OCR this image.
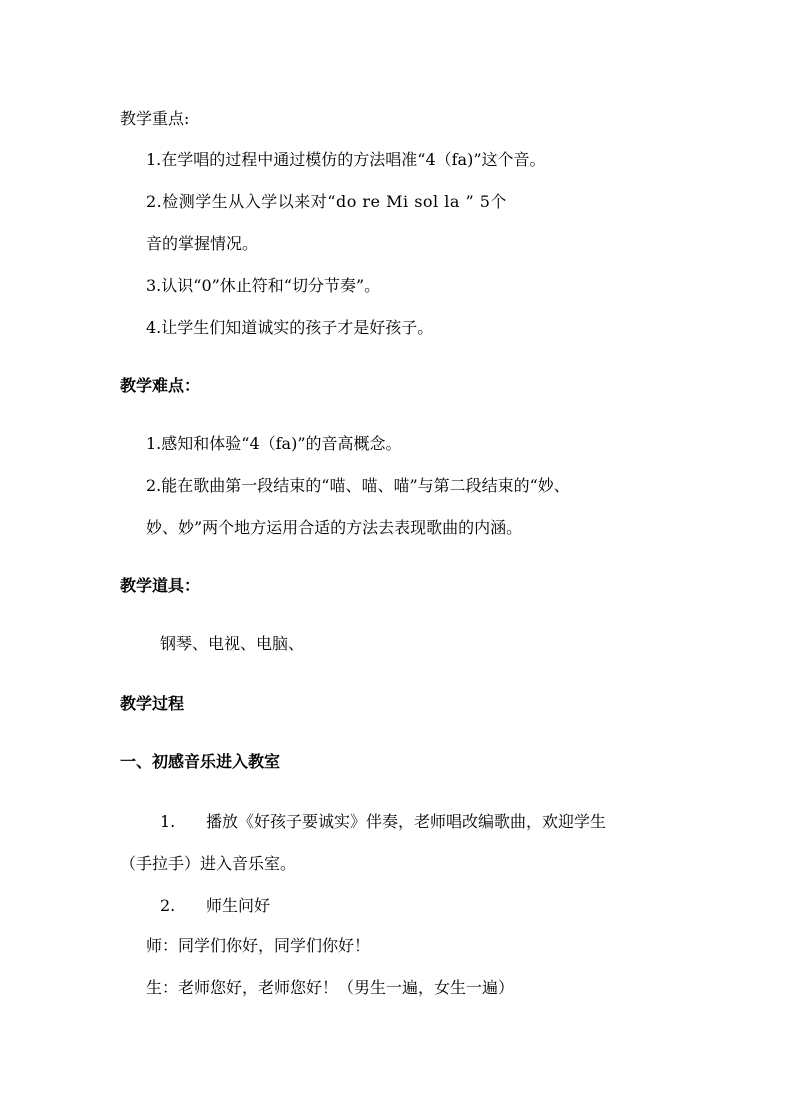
教学重点:

1.在学唱的过程中通过模仿的方法唱准“4（fa)”这个音。

2.检测学生从入学以来对“do re Mi sol la ” 5个

音的掌握情况。

3.认识“0”休止符和“切分节奏”。

4.让学生们知道诚实的孩子才是好孩子。

教学难点：

1.感知和体验“4（fa)”的音高概念。

2.能在歌曲第一段结束的“喵、喵、喵”与第二段结束的“妙、

妙、妙”两个地方运用合适的方法去表现歌曲的内涵。

教学道具：

钢琴、电视、电脑、

教学过程

一、初感音乐进入教室

1. 播放《好孩子要诚实》伴奏，老师唱改编歌曲，欢迎学生

（手拉手）进入音乐室。

2. 师生问好

师：同学们你好，同学们你好！

生：老师您好，老师您好！（男生一遍，女生一遍）
